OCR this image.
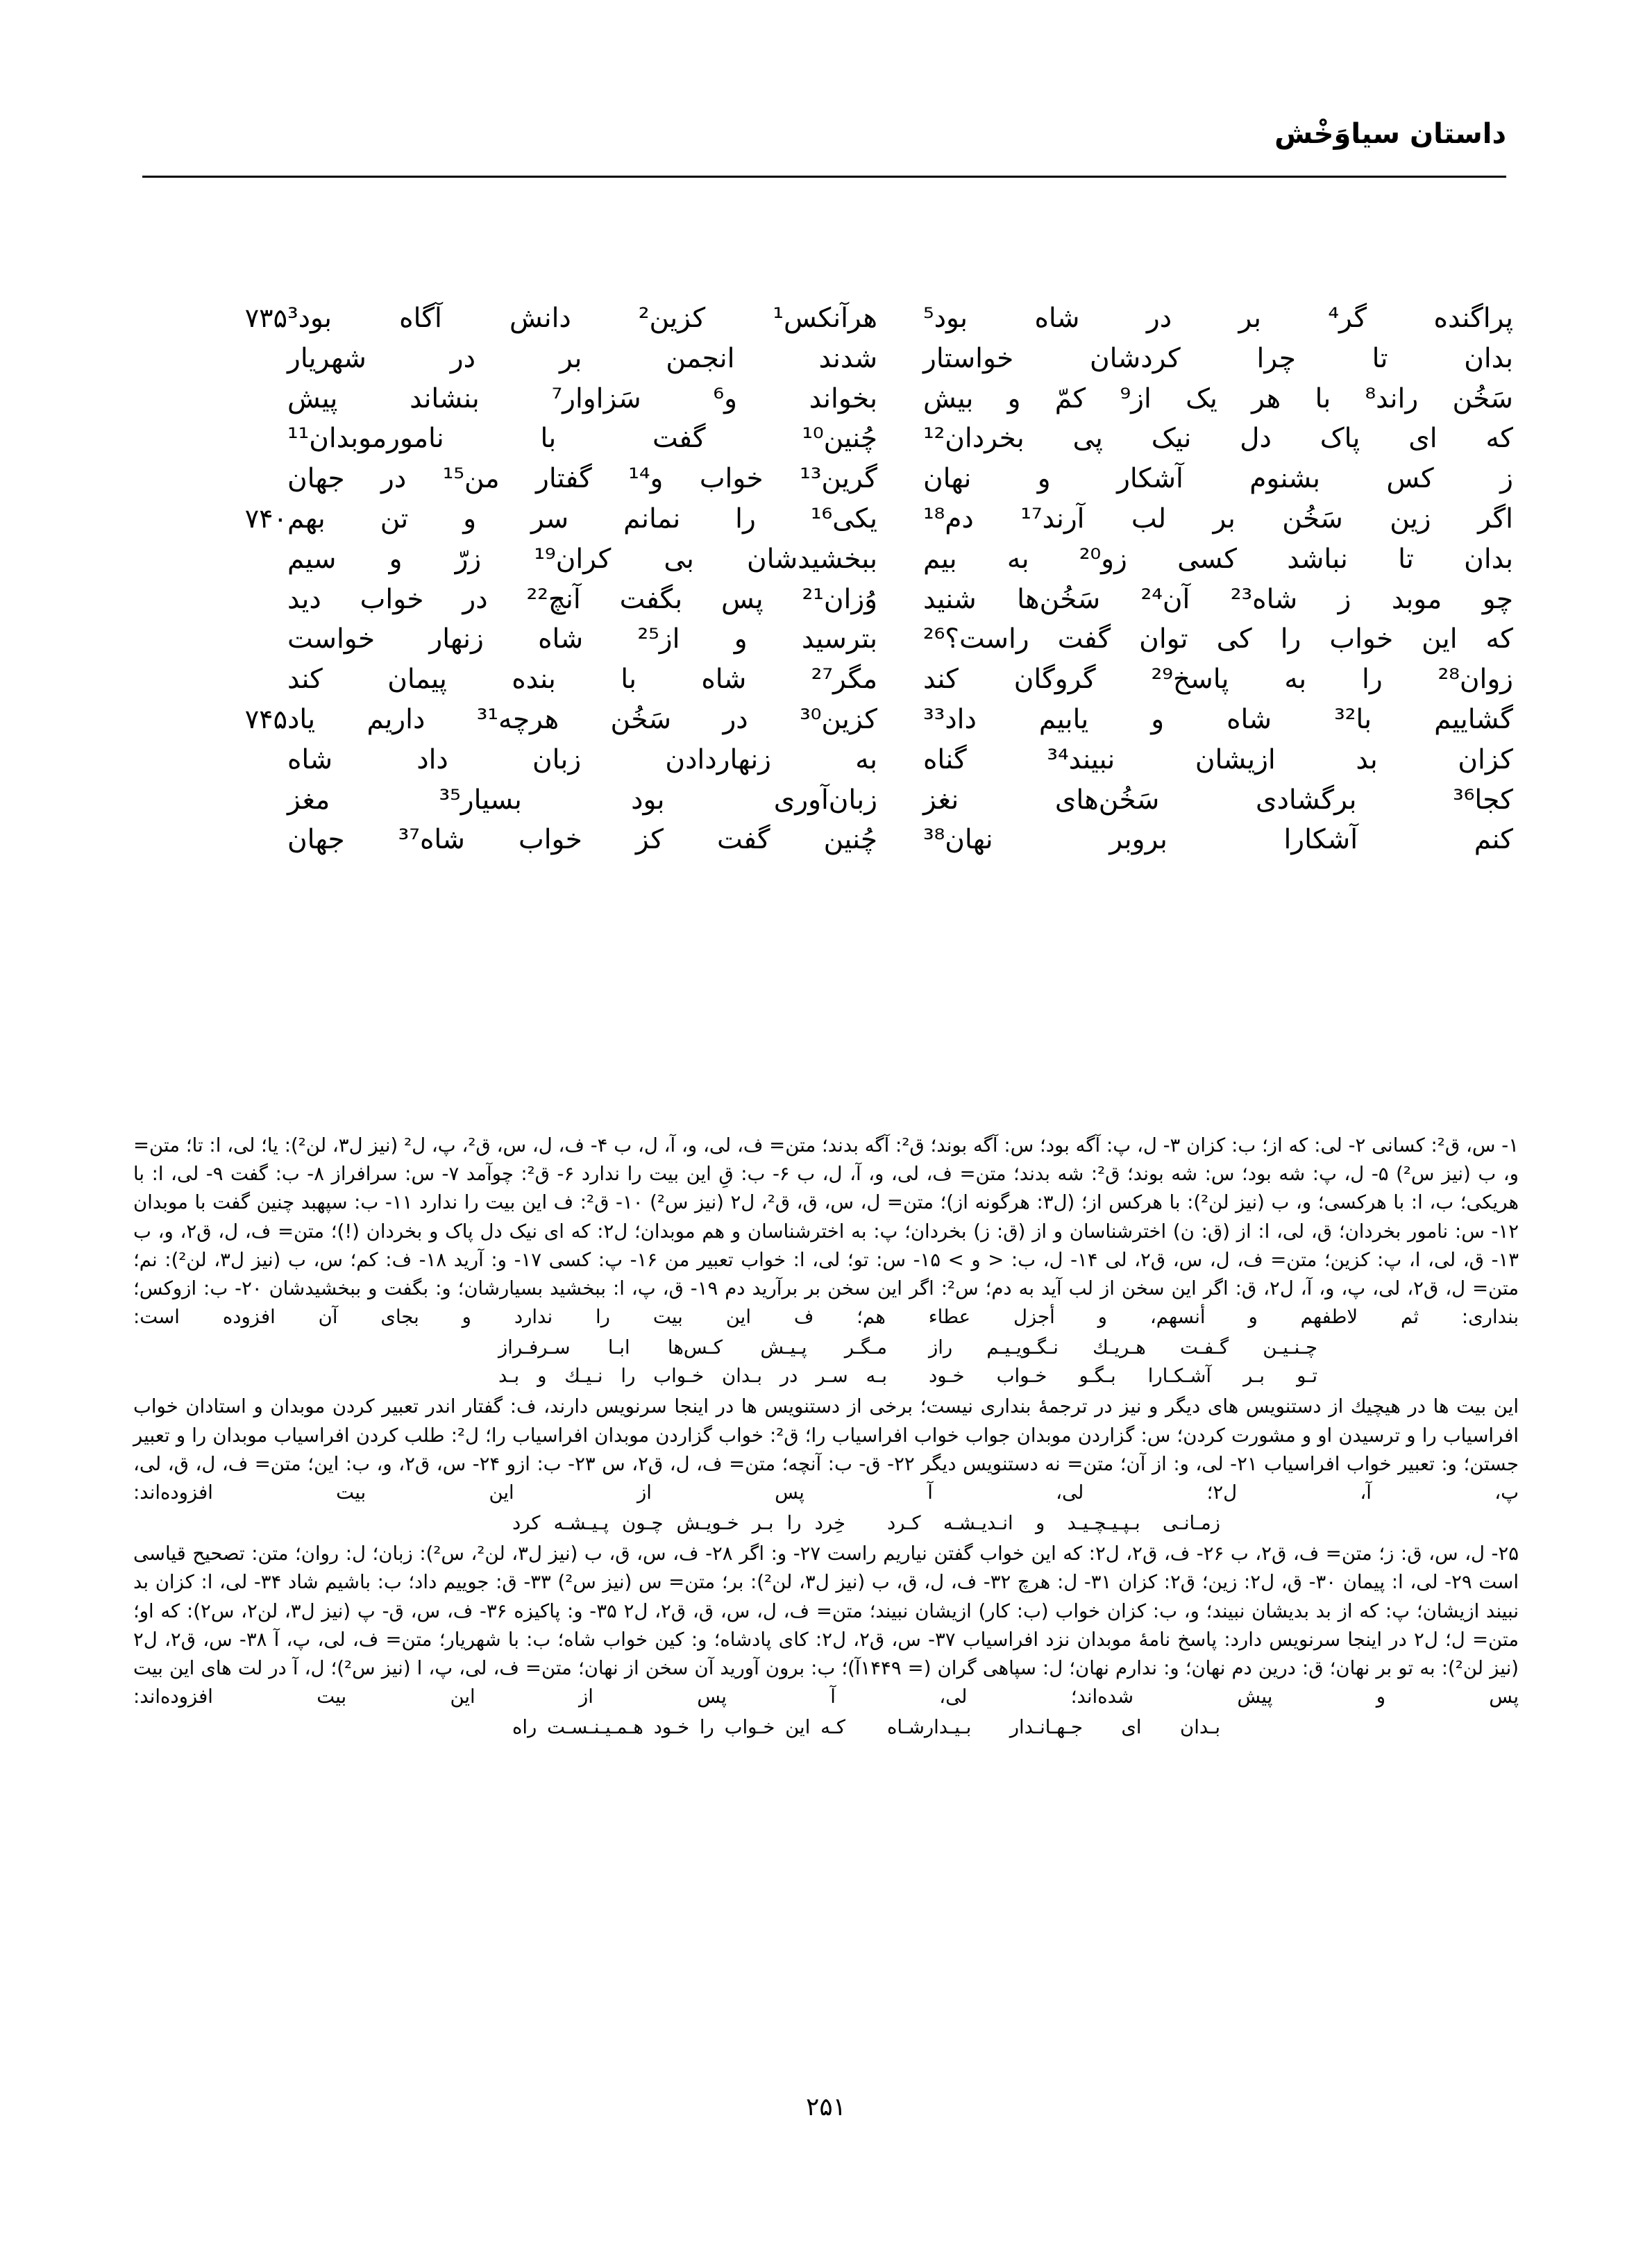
داستان سیاوَخْش
پراگنده گر⁴ بر در شاه بود⁵
هرآنکس¹ کزین² دانش آگاه بود³
۷۳۵
بدان تا چرا کردشان خواستار
شدند انجمن بر در شهریار
سَخُن راند⁸ با هر یک از⁹ کمّ و بیش
بخواند و⁶ سَزاوار⁷ بنشاند پیش
که ای پاک دل نیک پی بخردان¹²
چُنین¹⁰ گفت با نامورموبدان¹¹
ز کس بشنوم آشکار و نهان
گرین¹³ خواب و¹⁴ گفتار من¹⁵ در جهان
اگر زین سَخُن بر لب آرند¹⁷ دم¹⁸
یکی¹⁶ را نمانم سر و تن بهم
۷۴۰
بدان تا نباشد کسی زو²⁰ به بیم
ببخشیدشان بی کران¹⁹ زرّ و سیم
چو موبد ز شاه²³ آن²⁴ سَخُن‌ها شنید
وُزان²¹ پس بگفت آنچ²² در خواب دید
که این خواب را کی توان گفت راست؟²⁶
بترسید و از²⁵ شاه زنهار خواست
زوان²⁸ را به پاسخ²⁹ گروگان کند
مگر²⁷ شاه با بنده پیمان کند
گشاییم با³² شاه و یابیم داد³³
کزین³⁰ در سَخُن هرچه³¹ داریم یاد
۷۴۵
کزان بد ازیشان نبیند³⁴ گناه
به زنهاردادن زبان داد شاه
کجا³⁶ برگشادی سَخُن‌های نغز
زبان‌آوری بود بسیار³⁵ مغز
کنم آشکارا بروبر نهان³⁸
چُنین گفت کز خواب شاه³⁷ جهان

۱- س، ق²: کسانی ۲- لی: که از؛ ب: کزان ۳- ل، پ: آگه بود؛ س: آگه بوند؛ ق²: آگه بدند؛ متن= ف، لی، و، آ، ل، ب ۴- ف، ل، س، ق²، پ، ل² (نیز ل۳، لن²): یا؛ لی، ا: تا؛ متن= و، ب (نیز س²) ۵- ل، پ: شه بود؛ س: شه بوند؛ ق²: شه بدند؛ متن= ف، لی، و، آ، ل، ب ۶- ب: قِ این بیت را ندارد ۶- ق²: چوآمد ۷- س: سرافراز ۸- ب: گفت ۹- لی، ا: با هریکی؛ ب، ا: با هرکسی؛ و، ب (نیز لن²): با هرکس از؛ (ل۳: هرگونه از)؛ متن= ل، س، ق، ق²، ل۲ (نیز س²) ۱۰- ق²: ف این بیت را ندارد ۱۱- ب: سپهبد چنین گفت با موبدان ۱۲- س: نامور بخردان؛ ق، لی، ا: از (ق: ن) اخترشناسان و از (ق: ز) بخردان؛ پ: به اخترشناسان و هم موبدان؛ ل۲: که ای نیک دل پاک و بخردان (!)؛ متن= ف، ل، ق۲، و، ب

۱۳- ق، لی، ا، پ: کزین؛ متن= ف، ل، س، ق۲، لی ۱۴- ل، ب: < و > ۱۵- س: تو؛ لی، ا: خواب تعبیر من ۱۶- پ: کسی ۱۷- و: آرید ۱۸- ف: کم؛ س، ب (نیز ل۳، لن²): نم؛ متن= ل، ق۲، لی، پ، و، آ، ل۲، ق: اگر این سخن از لب آید به دم؛ س²: اگر این سخن بر برآرید دم ۱۹- ق، پ، ا: ببخشید بسیارشان؛ و: بگفت و ببخشیدشان ۲۰- ب: ازوکس؛ بنداری: ثم لاطفهم و أنسهم، و أجزل عطاء هم؛ ف این بیت را ندارد و بجای آن افزوده است:

چـنـیـن گـفـت هـریـك نـگـویـیـم راز
مـگـر پـیـش كـس‌ها ابـا سـرفـراز
تـو بـر آشـكـارا بـگـو خـواب خـود
بـه سـر در بـدان خـواب را نـیـك و بـد

این بیت ها در هیچیك از دستنویس های دیگر و نیز در ترجمهٔ بنداری نیست؛ برخی از دستنویس ها در اینجا سرنویس دارند، ف: گفتار اندر تعبیر کردن موبدان و استادان خواب افراسیاب را و ترسیدن او و مشورت کردن؛ س: گزاردن موبدان جواب خواب افراسیاب را؛ ق²: خواب گزاردن موبدان افراسیاب را؛ ل²: طلب کردن افراسیاب موبدان را و تعبیر جستن؛ و: تعبیر خواب افراسیاب ۲۱- لی، و: از آن؛ متن= نه دستنویس دیگر ۲۲- ق- ب: آنچه؛ متن= ف، ل، ق۲، س ۲۳- ب: ازو ۲۴- س، ق۲، و، ب: این؛ متن= ف، ل، ق، لی، پ، آ، ل۲؛ لی، آ پس از این بیت افزوده‌اند:

زمـانـی بـپـیـچـیـد و انـدیـشـه کـرد
خِرد را بـر خـویـش چـون پـیـشـه کرد

۲۵- ل، س، ق: ز؛ متن= ف، ق۲، ب ۲۶- ف، ق۲، ل۲: که این خواب گفتن نیاریم راست ۲۷- و: اگر ۲۸- ف، س، ق، ب (نیز ل۳، لن²، س²): زبان؛ ل: روان؛ متن: تصحیح قیاسی است ۲۹- لی، ا: پیمان ۳۰- ق، ل۲: زین؛ ق۲: کزان ۳۱- ل: هرچ ۳۲- ف، ل، ق، ب (نیز ل۳، لن²): بر؛ متن= س (نیز س²) ۳۳- ق: جوییم داد؛ ب: باشیم شاد ۳۴- لی، ا: کزان بد نبیند ازیشان؛ پ: که از بد بدیشان نبیند؛ و، ب: کزان خواب (ب: کار) ازیشان نبیند؛ متن= ف، ل، س، ق، ق۲، ل۲ ۳۵- و: پاکیزه ۳۶- ف، س، ق- پ (نیز ل۳، لن۲، س۲): که او؛ متن= ل؛ ل۲ در اینجا سرنویس دارد: پاسخ نامهٔ موبدان نزد افراسیاب ۳۷- س، ق۲، ل۲: کای پادشاه؛ و: کین خواب شاه؛ ب: با شهریار؛ متن= ف، لی، پ، آ ۳۸- س، ق۲، ل۲ (نیز لن²): به تو بر نهان؛ ق: درین دم نهان؛ و: ندارم نهان؛ ل: سپاهی گران (= ۱۴۴۹آ)؛ ب: برون آورید آن سخن از نهان؛ متن= ف، لی، پ، ا (نیز س²)؛ ل، آ در لت های این بیت پس و پیش شده‌اند؛ لی، آ پس از این بیت افزوده‌اند:

بـدان ای جـهـانـدار بـیـدارشـاه
كـه این خـواب را خـود هـمـیـنـسـت راه
۲۵۱
